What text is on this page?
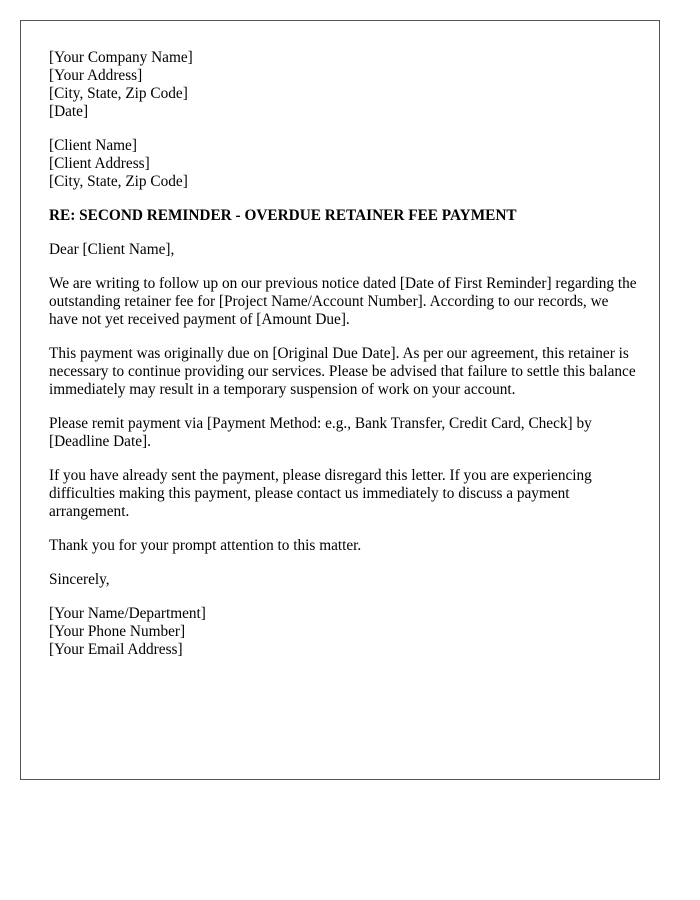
[Your Company Name]
[Your Address]
[City, State, Zip Code]
[Date]
[Client Name]
[Client Address]
[City, State, Zip Code]
RE: SECOND REMINDER - OVERDUE RETAINER FEE PAYMENT

Dear [Client Name],

We are writing to follow up on our previous notice dated [Date of First Reminder] regarding the outstanding retainer fee for [Project Name/Account Number]. According to our records, we have not yet received payment of [Amount Due].

This payment was originally due on [Original Due Date]. As per our agreement, this retainer is necessary to continue providing our services. Please be advised that failure to settle this balance immediately may result in a temporary suspension of work on your account.

Please remit payment via [Payment Method: e.g., Bank Transfer, Credit Card, Check] by [Deadline Date].

If you have already sent the payment, please disregard this letter. If you are experiencing difficulties making this payment, please contact us immediately to discuss a payment arrangement.

Thank you for your prompt attention to this matter.

Sincerely,

[Your Name/Department]
[Your Phone Number]
[Your Email Address]
